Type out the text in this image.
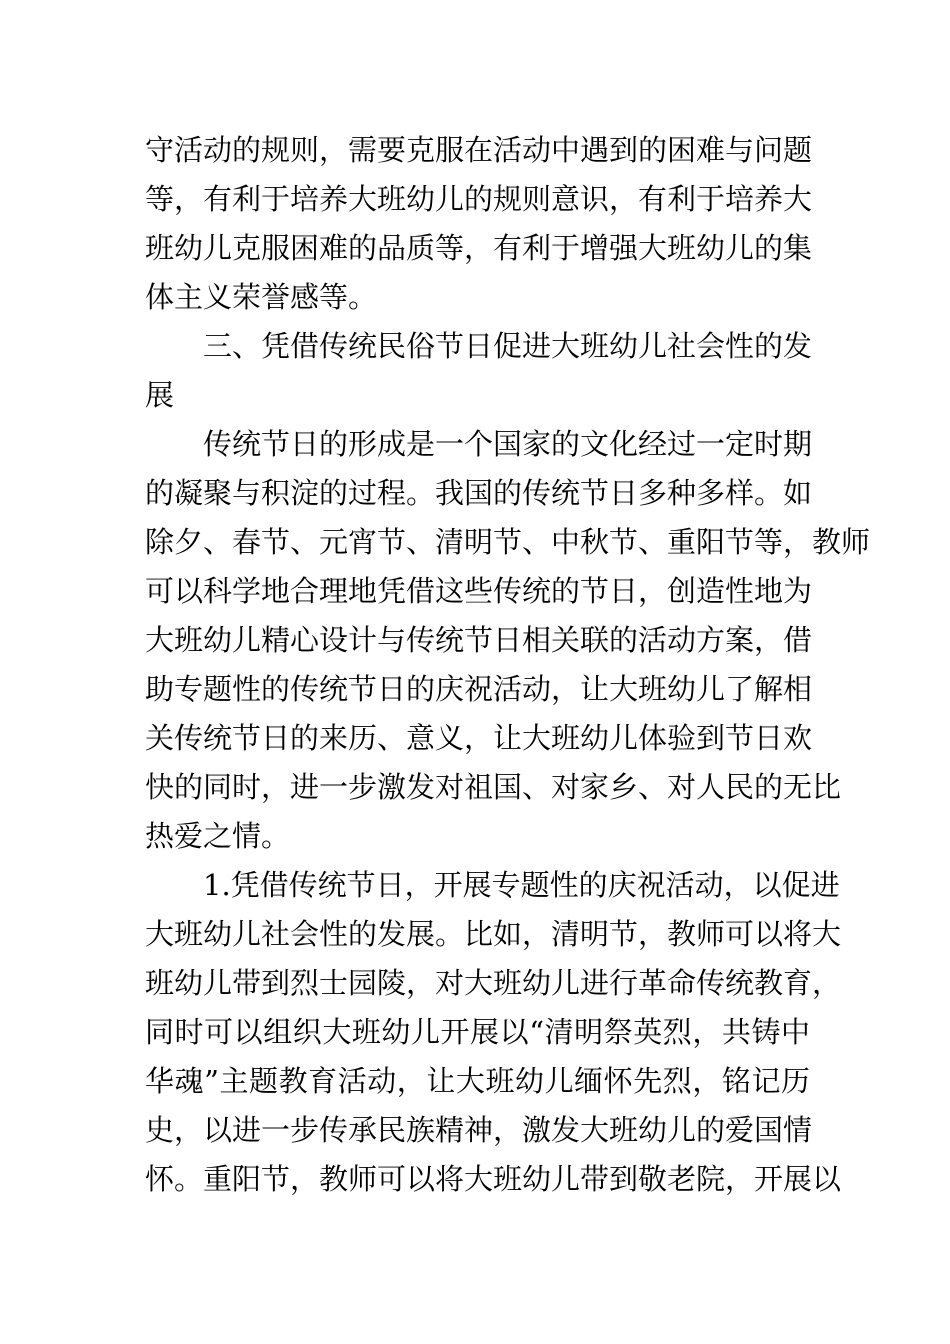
守活动的规则，需要克服在活动中遇到的困难与问题
等，有利于培养大班幼儿的规则意识，有利于培养大
班幼儿克服困难的品质等，有利于增强大班幼儿的集
体主义荣誉感等。
三、凭借传统民俗节日促进大班幼儿社会性的发
展
传统节日的形成是一个国家的文化经过一定时期
的凝聚与积淀的过程。我国的传统节日多种多样。如
除夕、春节、元宵节、清明节、中秋节、重阳节等，教师
可以科学地合理地凭借这些传统的节日，创造性地为
大班幼儿精心设计与传统节日相关联的活动方案，借
助专题性的传统节日的庆祝活动，让大班幼儿了解相
关传统节日的来历、意义，让大班幼儿体验到节日欢
快的同时，进一步激发对祖国、对家乡、对人民的无比
热爱之情。
1.凭借传统节日，开展专题性的庆祝活动，以促进
大班幼儿社会性的发展。比如，清明节，教师可以将大
班幼儿带到烈士园陵，对大班幼儿进行革命传统教育，
同时可以组织大班幼儿开展以“清明祭英烈，共铸中
华魂”主题教育活动，让大班幼儿缅怀先烈，铭记历
史，以进一步传承民族精神，激发大班幼儿的爱国情
怀。重阳节，教师可以将大班幼儿带到敬老院，开展以
